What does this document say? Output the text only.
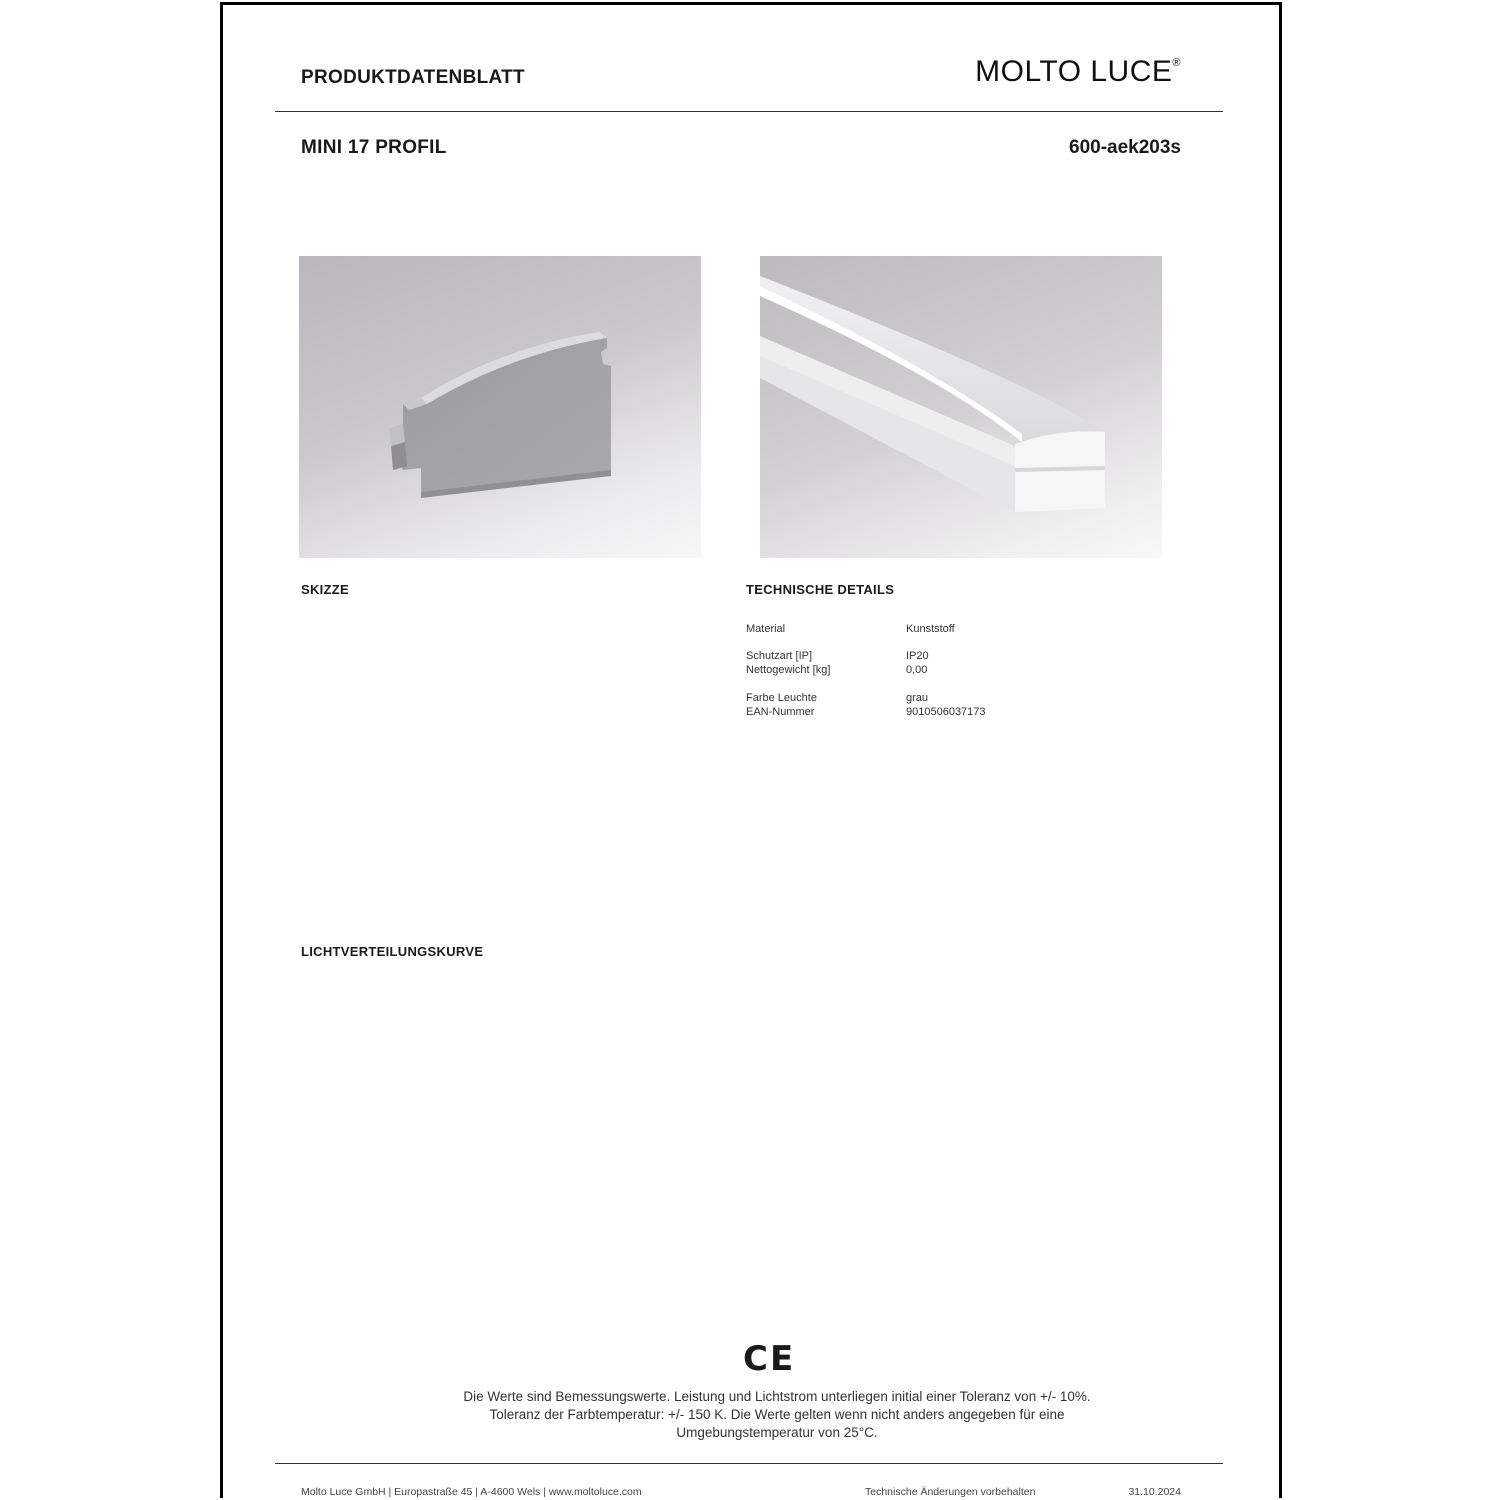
PRODUKTDATENBLATT	MOLTO LUCE®
MINI 17 PROFIL	600-aek203s
SKIZZE	TECHNISCHE DETAILS
Material	Kunststoff
Schutzart [IP]	IP20
Nettogewicht [kg]	0,00
Farbe Leuchte	grau
EAN-Nummer	9010506037173
LICHTVERTEILUNGSKURVE
CE
Die Werte sind Bemessungswerte. Leistung und Lichtstrom unterliegen initial einer Toleranz von +/- 10%.
Toleranz der Farbtemperatur: +/- 150 K. Die Werte gelten wenn nicht anders angegeben für eine
Umgebungstemperatur von 25°C.
Molto Luce GmbH | Europastraße 45 | A-4600 Wels | www.moltoluce.com	Technische Änderungen vorbehalten	31.10.2024
